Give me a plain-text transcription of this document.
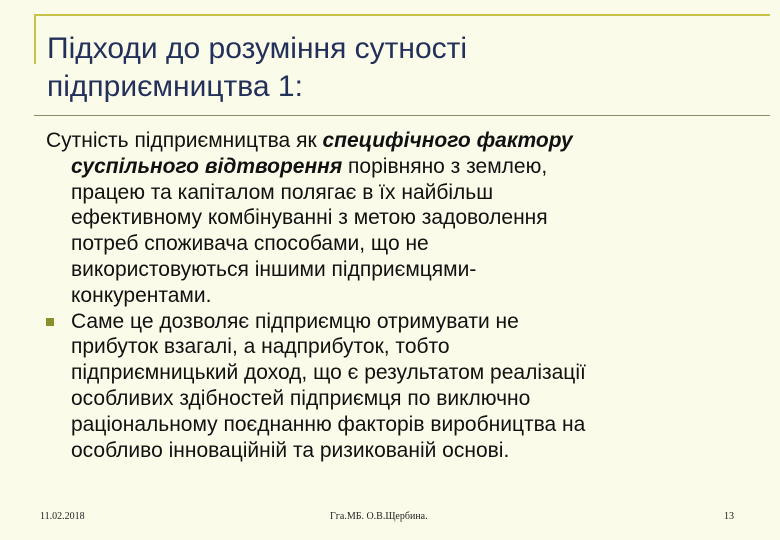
Підходи до розуміння сутності
підприємництва 1:

Сутність підприємництва як специфічного фактору
суспільного відтворення порівняно з землею,
працею та капіталом полягає в їх найбільш
ефективному комбінуванні з метою задоволення
потреб споживача способами, що не
використовуються іншими підприємцями-
конкурентами.

Саме це дозволяє підприємцю отримувати не
прибуток взагалі, а надприбуток, тобто
підприємницький доход, що є результатом реалізації
особливих здібностей підприємця по виключно
раціональному поєднанню факторів виробництва на
особливо інноваційній та ризикованій основі.
11.02.2018	Гга.МБ. О.В.Щербина.	13
